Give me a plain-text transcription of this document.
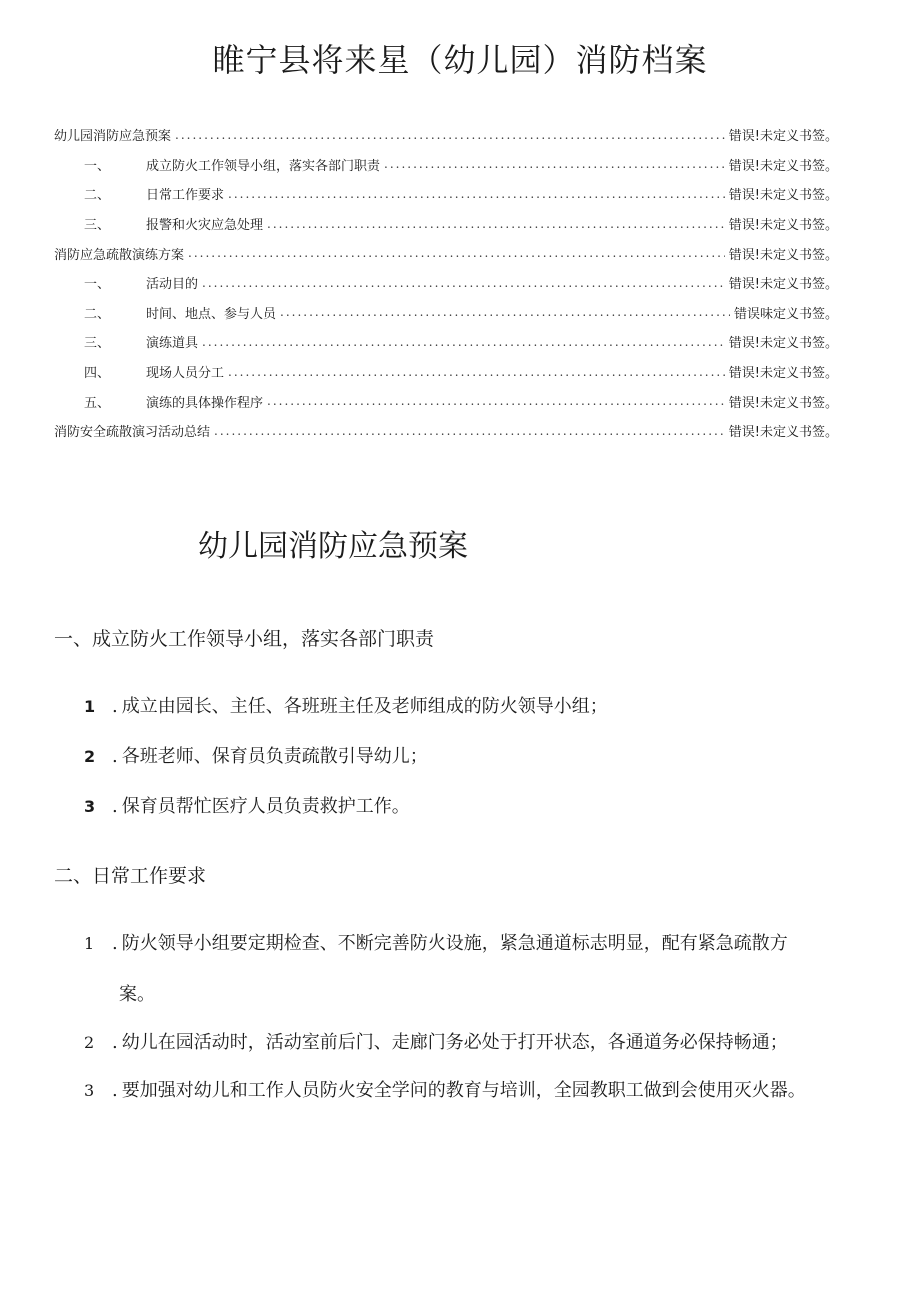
睢宁县将来星（幼儿园）消防档案
幼儿园消防应急预案 .....	错误!未定义书签。
一、	成立防火工作领导小组，落实各部门职责 .....	错误!未定义书签。
二、	日常工作要求 .....	错误!未定义书签。
三、	报警和火灾应急处理 .....	错误!未定义书签。
消防应急疏散演练方案 .....	错误!未定义书签。
一、	活动目的 .....	错误!未定义书签。
二、	时间、地点、参与人员 .....	错误味定义书签。
三、	演练道具 .....	错误!未定义书签。
四、	现场人员分工 .....	错误!未定义书签。
五、	演练的具体操作程序 .....	错误!未定义书签。
消防安全疏散演习活动总结 .....	错误!未定义书签。
幼儿园消防应急预案
一、成立防火工作领导小组，落实各部门职责
1 . 成立由园长、主任、各班班主任及老师组成的防火领导小组；
2 . 各班老师、保育员负责疏散引导幼儿；
3 . 保育员帮忙医疗人员负责救护工作。
二、日常工作要求
1 . 防火领导小组要定期检查、不断完善防火设施，紧急通道标志明显，配有紧急疏散方
案。
2 . 幼儿在园活动时，活动室前后门、走廊门务必处于打开状态，各通道务必保持畅通；
3 . 要加强对幼儿和工作人员防火安全学问的教育与培训，全园教职工做到会使用灭火器。
